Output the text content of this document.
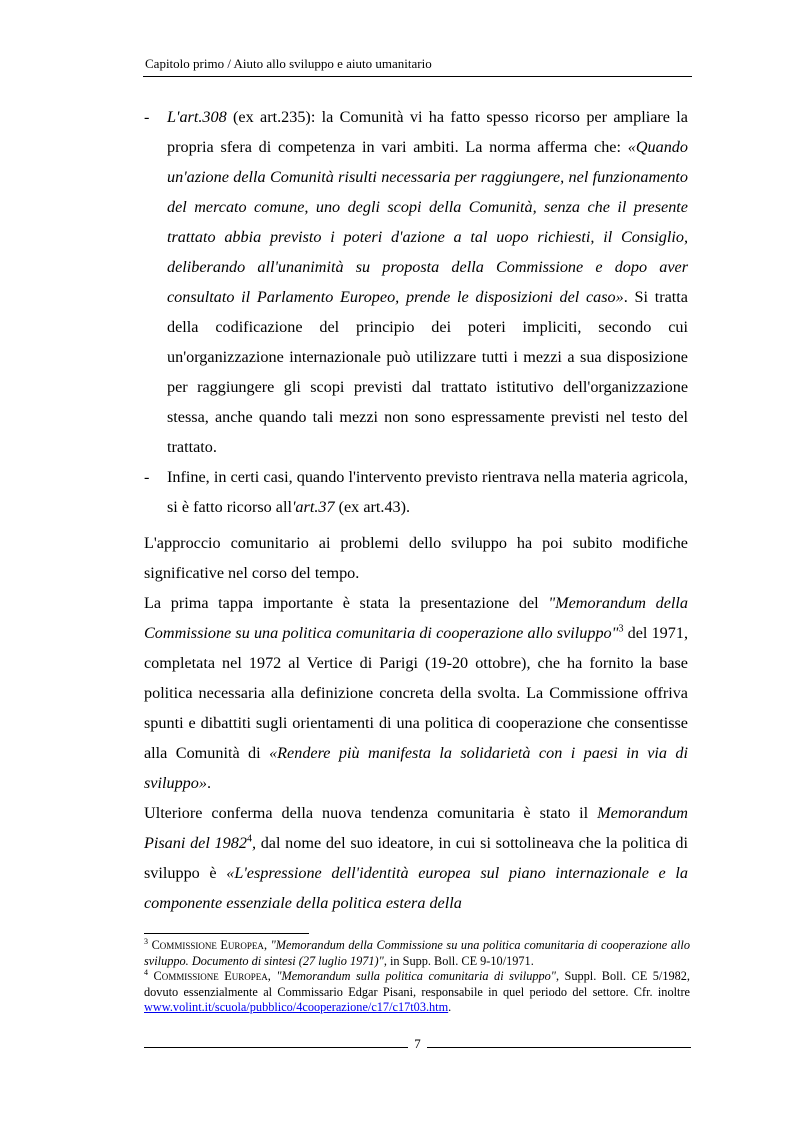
Capitolo primo / Aiuto allo sviluppo e aiuto umanitario
-	L'art.308 (ex art.235): la Comunità vi ha fatto spesso ricorso per ampliare la propria sfera di competenza in vari ambiti. La norma afferma che: «Quando un'azione della Comunità risulti necessaria per raggiungere, nel funzionamento del mercato comune, uno degli scopi della Comunità, senza che il presente trattato abbia previsto i poteri d'azione a tal uopo richiesti, il Consiglio, deliberando all'unanimità su proposta della Commissione e dopo aver consultato il Parlamento Europeo, prende le disposizioni del caso». Si tratta della codificazione del principio dei poteri impliciti, secondo cui un'organizzazione internazionale può utilizzare tutti i mezzi a sua disposizione per raggiungere gli scopi previsti dal trattato istitutivo dell'organizzazione stessa, anche quando tali mezzi non sono espressamente previsti nel testo del trattato.
-	Infine, in certi casi, quando l'intervento previsto rientrava nella materia agricola, si è fatto ricorso all'art.37 (ex art.43).

L'approccio comunitario ai problemi dello sviluppo ha poi subito modifiche significative nel corso del tempo.

La prima tappa importante è stata la presentazione del "Memorandum della Commissione su una politica comunitaria di cooperazione allo sviluppo"$^3$ del 1971, completata nel 1972 al Vertice di Parigi (19-20 ottobre), che ha fornito la base politica necessaria alla definizione concreta della svolta. La Commissione offriva spunti e dibattiti sugli orientamenti di una politica di cooperazione che consentisse alla Comunità di «Rendere più manifesta la solidarietà con i paesi in via di sviluppo».

Ulteriore conferma della nuova tendenza comunitaria è stato il Memorandum Pisani del 1982$^4$, dal nome del suo ideatore, in cui si sottolineava che la politica di sviluppo è «L'espressione dell'identità europea sul piano internazionale e la componente essenziale della politica estera della

$^3$ Commissione Europea, "Memorandum della Commissione su una politica comunitaria di cooperazione allo sviluppo. Documento di sintesi (27 luglio 1971)", in Supp. Boll. CE 9-10/1971.
$^4$ Commissione Europea, "Memorandum sulla politica comunitaria di sviluppo", Suppl. Boll. CE 5/1982, dovuto essenzialmente al Commissario Edgar Pisani, responsabile in quel periodo del settore. Cfr. inoltre www.volint.it/scuola/pubblico/4cooperazione/c17/c17t03.htm.
7
